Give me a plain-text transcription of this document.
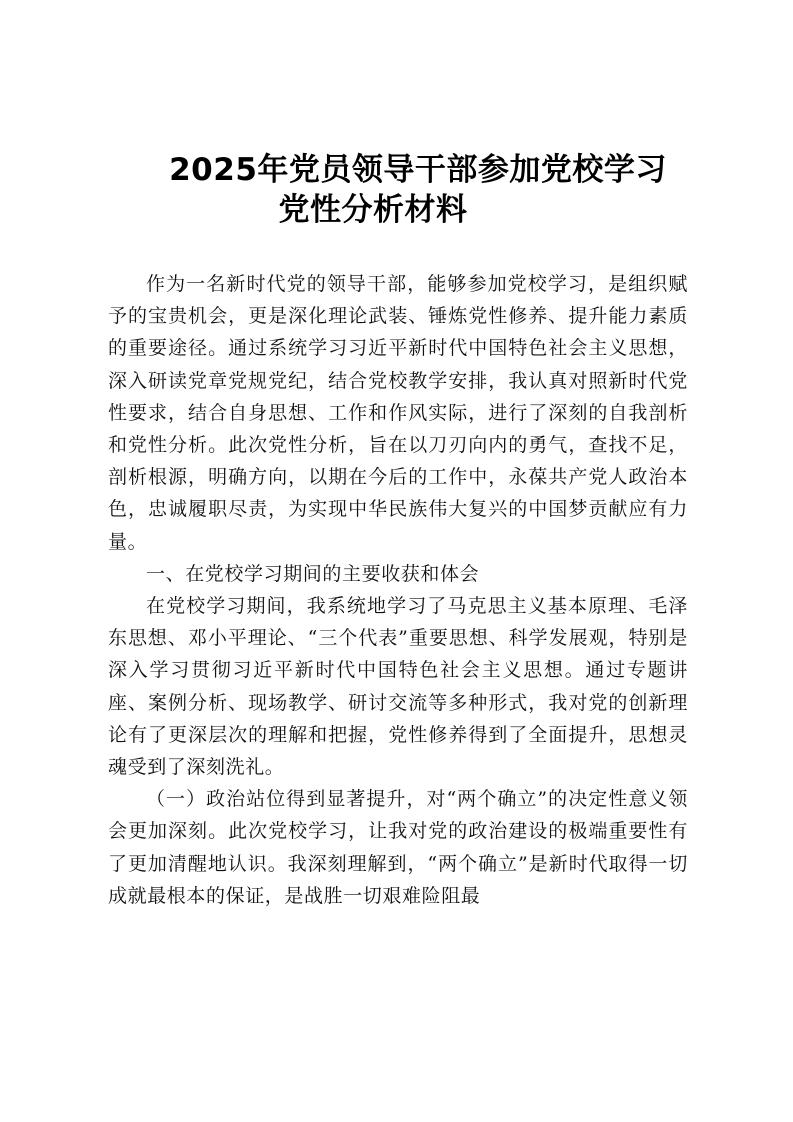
2025年党员领导干部参加党校学习
党性分析材料

作为一名新时代党的领导干部，能够参加党校学习，是组织赋予的宝贵机会，更是深化理论武装、锤炼党性修养、提升能力素质的重要途径。通过系统学习习近平新时代中国特色社会主义思想，深入研读党章党规党纪，结合党校教学安排，我认真对照新时代党性要求，结合自身思想、工作和作风实际，进行了深刻的自我剖析和党性分析。此次党性分析，旨在以刀刃向内的勇气，查找不足，剖析根源，明确方向，以期在今后的工作中，永葆共产党人政治本色，忠诚履职尽责，为实现中华民族伟大复兴的中国梦贡献应有力量。

一、在党校学习期间的主要收获和体会

在党校学习期间，我系统地学习了马克思主义基本原理、毛泽东思想、邓小平理论、“三个代表”重要思想、科学发展观，特别是深入学习贯彻习近平新时代中国特色社会主义思想。通过专题讲座、案例分析、现场教学、研讨交流等多种形式，我对党的创新理论有了更深层次的理解和把握，党性修养得到了全面提升，思想灵魂受到了深刻洗礼。

（一）政治站位得到显著提升，对“两个确立”的决定性意义领会更加深刻。此次党校学习，让我对党的政治建设的极端重要性有了更加清醒地认识。我深刻理解到，“两个确立”是新时代取得一切成就最根本的保证，是战胜一切艰难险阻最
